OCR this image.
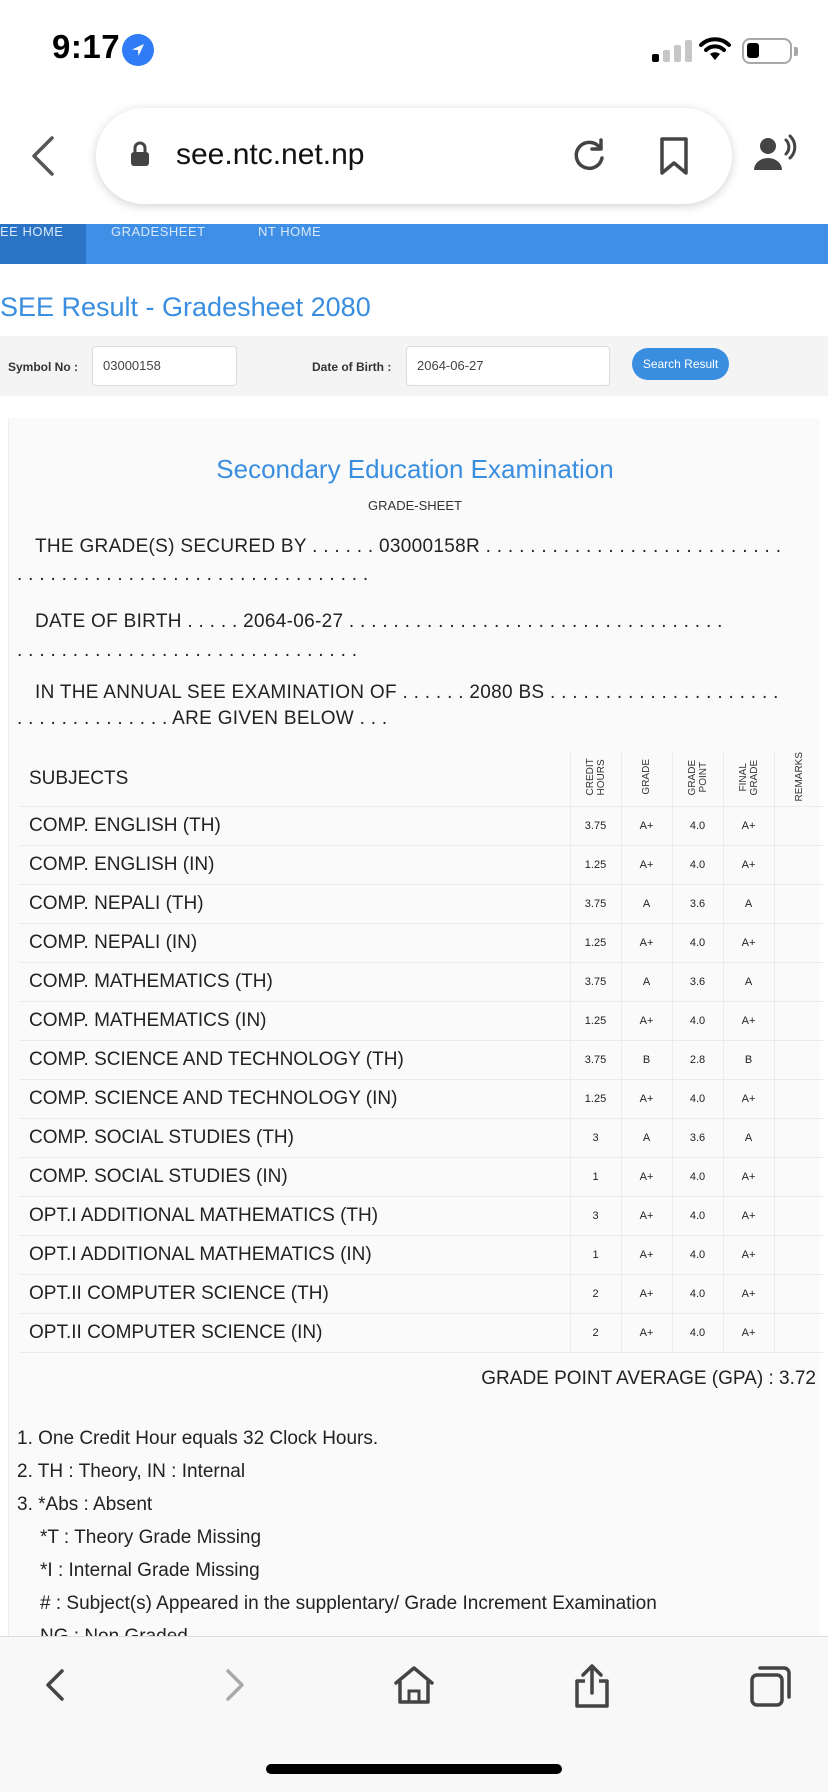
9:17
see.ntc.net.np
EE HOME	GRADESHEET	NT HOME
SEE Result - Gradesheet 2080
Symbol No :	03000158	Date of Birth :	2064-06-27	Search Result
Secondary Education Examination
GRADE-SHEET
THE GRADE(S) SECURED BY . . . . . . 03000158R . . . . . . . . . . . . . . . . . . . . . . . . . . .
. . . . . . . . . . . . . . . . . . . . . . . . . . . . . . . .
DATE OF BIRTH . . . . . 2064-06-27 . . . . . . . . . . . . . . . . . . . . . . . . . . . . . . . . . .
. . . . . . . . . . . . . . . . . . . . . . . . . . . . . . .
IN THE ANNUAL SEE EXAMINATION OF . . . . . . 2080 BS . . . . . . . . . . . . . . . . . . . . .
. . . . . . . . . . . . . . ARE GIVEN BELOW . . .
SUBJECTS	CREDIT HOURS	GRADE	GRADE POINT	FINAL GRADE	REMARKS
COMP. ENGLISH (TH)	3.75	A+	4.0	A+	
COMP. ENGLISH (IN)	1.25	A+	4.0	A+	
COMP. NEPALI (TH)	3.75	A	3.6	A	
COMP. NEPALI (IN)	1.25	A+	4.0	A+	
COMP. MATHEMATICS (TH)	3.75	A	3.6	A	
COMP. MATHEMATICS (IN)	1.25	A+	4.0	A+	
COMP. SCIENCE AND TECHNOLOGY (TH)	3.75	B	2.8	B	
COMP. SCIENCE AND TECHNOLOGY (IN)	1.25	A+	4.0	A+	
COMP. SOCIAL STUDIES (TH)	3	A	3.6	A	
COMP. SOCIAL STUDIES (IN)	1	A+	4.0	A+	
OPT.I ADDITIONAL MATHEMATICS (TH)	3	A+	4.0	A+	
OPT.I ADDITIONAL MATHEMATICS (IN)	1	A+	4.0	A+	
OPT.II COMPUTER SCIENCE (TH)	2	A+	4.0	A+	
OPT.II COMPUTER SCIENCE (IN)	2	A+	4.0	A+	
GRADE POINT AVERAGE (GPA) : 3.72
1. One Credit Hour equals 32 Clock Hours.
2. TH : Theory, IN : Internal
3. *Abs : Absent
*T : Theory Grade Missing
*I : Internal Grade Missing
# : Subject(s) Appeared in the supplentary/ Grade Increment Examination
